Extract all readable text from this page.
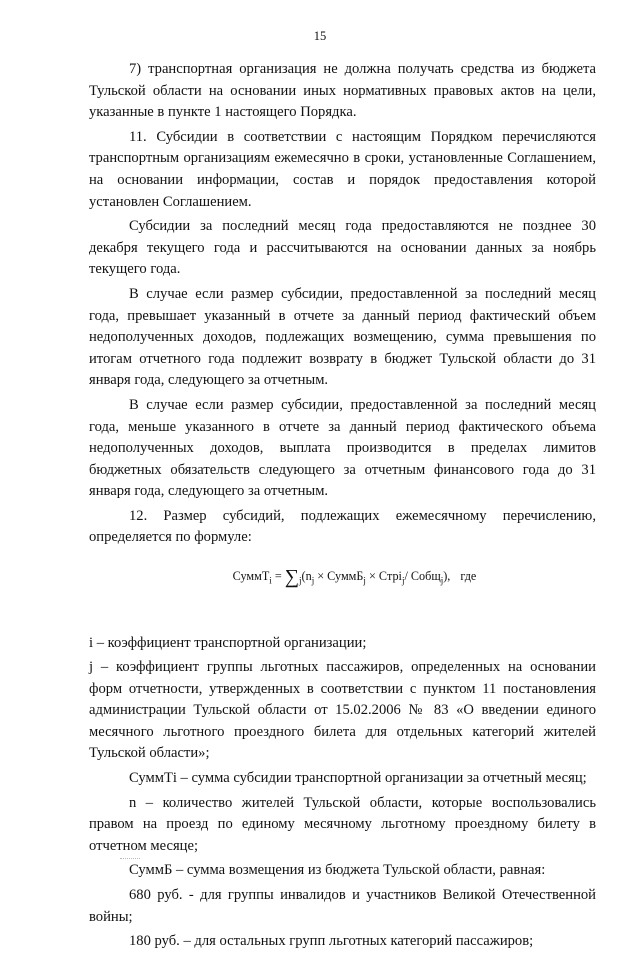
15

7) транспортная организация не должна получать средства из бюджета Тульской области на основании иных нормативных правовых актов на цели, указанные в пункте 1 настоящего Порядка.

11. Субсидии в соответствии с настоящим Порядком перечисляются транспортным организациям ежемесячно в сроки, установленные Соглашением, на основании информации, состав и порядок предоставления которой установлен Соглашением.

Субсидии за последний месяц года предоставляются не позднее 30 декабря текущего года и рассчитываются на основании данных за ноябрь текущего года.

В случае если размер субсидии, предоставленной за последний месяц года, превышает указанный в отчете за данный период фактический объем недополученных доходов, подлежащих возмещению, сумма превышения по итогам отчетного года подлежит возврату в бюджет Тульской области до 31 января года, следующего за отчетным.

В случае если размер субсидии, предоставленной за последний месяц года, меньше указанного в отчете за данный период фактического объема недополученных доходов, выплата производится в пределах лимитов бюджетных обязательств следующего за отчетным финансового года до 31 января года, следующего за отчетным.

12. Размер субсидий, подлежащих ежемесячному перечислению, определяется по формуле:

СуммТ$_i$ = $\sum_j(n_j$ × СуммБ$_j$ × Cтрi$_j$/ Cобщ$_j$), где

i – коэффициент транспортной организации;

j – коэффициент группы льготных пассажиров, определенных на основании форм отчетности, утвержденных в соответствии с пунктом 11 постановления администрации Тульской области от 15.02.2006 № 83 «О введении единого месячного льготного проездного билета для отдельных категорий жителей Тульской области»;

СуммТi – сумма субсидии транспортной организации за отчетный месяц;

n – количество жителей Тульской области, которые воспользовались правом на проезд по единому месячному льготному проездному билету в отчетном месяце;

СуммБ – сумма возмещения из бюджета Тульской области, равная:

680 руб. - для группы инвалидов и участников Великой Отечественной войны;

180 руб. – для остальных групп льготных категорий пассажиров;
